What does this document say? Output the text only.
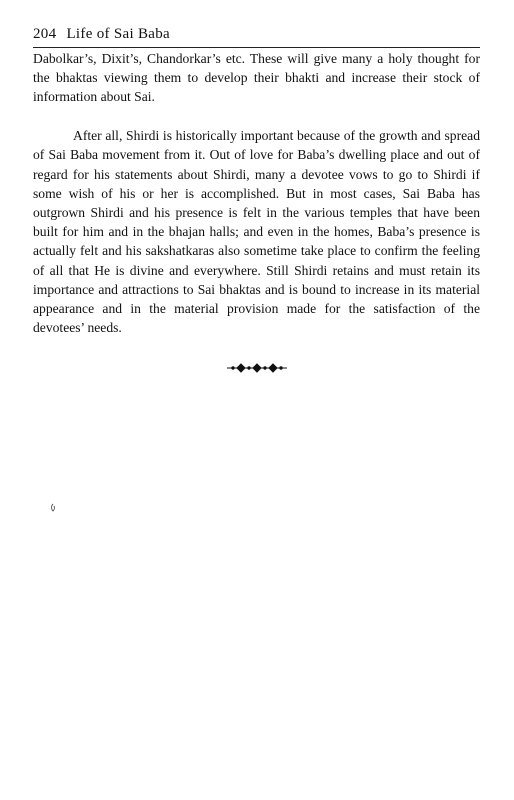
204 Life of Sai Baba

Dabolkar’s, Dixit’s, Chandorkar’s etc. These will give many a holy thought for the bhaktas viewing them to develop their bhakti and increase their stock of information about Sai.

After all, Shirdi is historically important because of the growth and spread of Sai Baba movement from it. Out of love for Baba’s dwelling place and out of regard for his statements about Shirdi, many a devotee vows to go to Shirdi if some wish of his or her is accomplished. But in most cases, Sai Baba has outgrown Shirdi and his presence is felt in the various temples that have been built for him and in the bhajan halls; and even in the homes, Baba’s presence is actually felt and his sakshatkaras also sometime take place to confirm the feeling of all that He is divine and everywhere. Still Shirdi retains and must retain its importance and attractions to Sai bhaktas and is bound to increase in its material appearance and in the material provision made for the satisfaction of the devotees’ needs.
